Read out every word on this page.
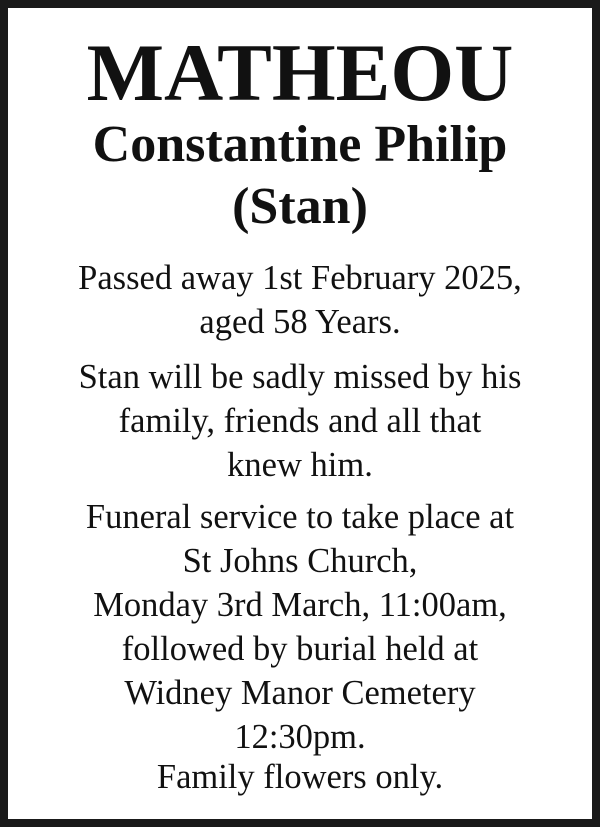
MATHEOU
Constantine Philip
(Stan)
Passed away 1st February 2025,
aged 58 Years.
Stan will be sadly missed by his
family, friends and all that
knew him.
Funeral service to take place at
St Johns Church,
Monday 3rd March, 11:00am,
followed by burial held at
Widney Manor Cemetery
12:30pm.
Family flowers only.
